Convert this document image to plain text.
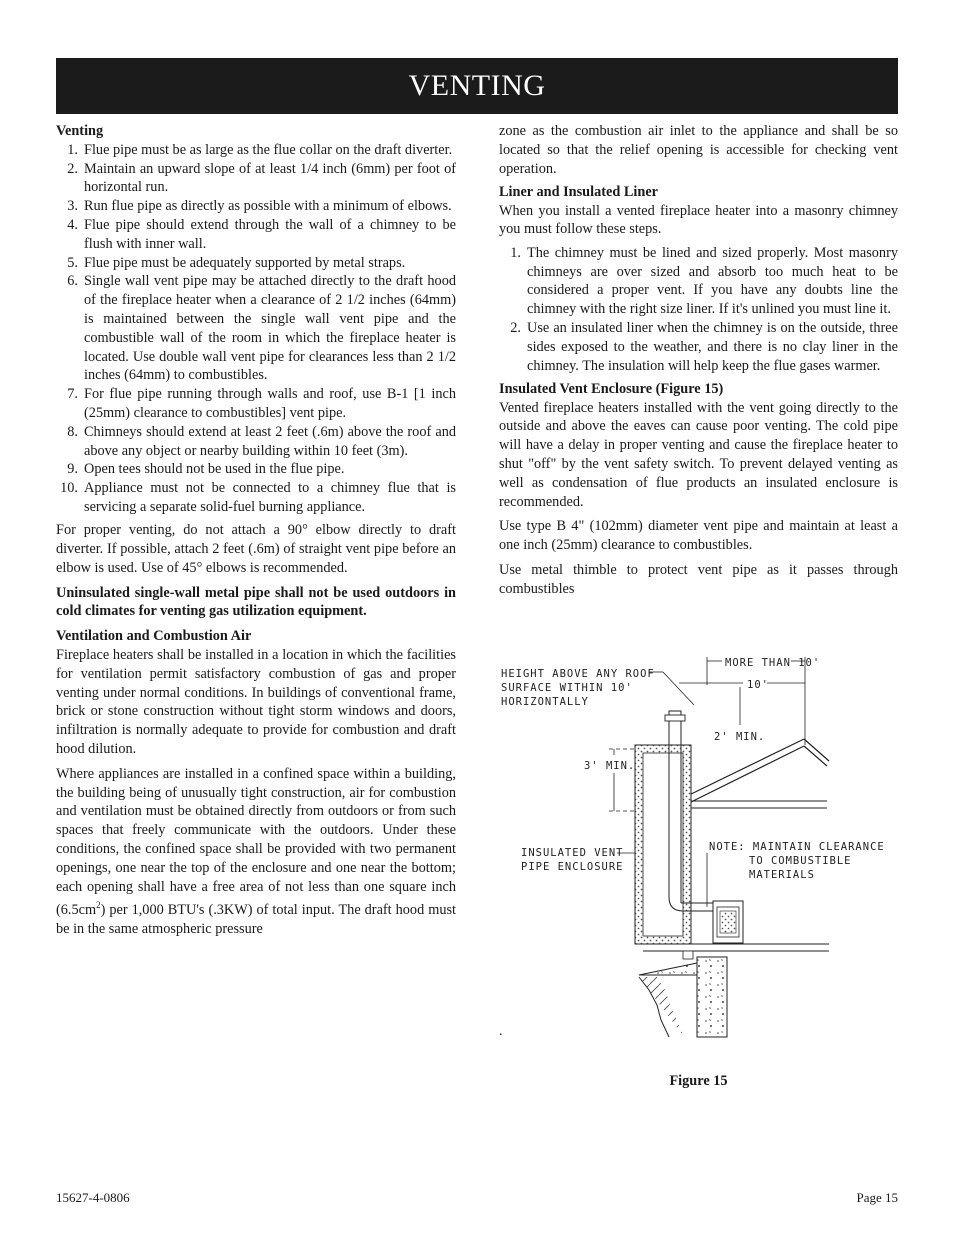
VENTING
Venting
1. Flue pipe must be as large as the flue collar on the draft diverter.
2. Maintain an upward slope of at least 1/4 inch (6mm) per foot of horizontal run.
3. Run flue pipe as directly as possible with a minimum of elbows.
4. Flue pipe should extend through the wall of a chimney to be flush with inner wall.
5. Flue pipe must be adequately supported by metal straps.
6. Single wall vent pipe may be attached directly to the draft hood of the fireplace heater when a clearance of 2 1/2 inches (64mm) is maintained between the single wall vent pipe and the combustible wall of the room in which the fireplace heater is located. Use double wall vent pipe for clearances less than 2 1/2 inches (64mm) to combustibles.
7. For flue pipe running through walls and roof, use B-1 [1 inch (25mm) clearance to combustibles] vent pipe.
8. Chimneys should extend at least 2 feet (.6m) above the roof and above any object or nearby building within 10 feet (3m).
9. Open tees should not be used in the flue pipe.
10. Appliance must not be connected to a chimney flue that is servicing a separate solid-fuel burning appliance.

For proper venting, do not attach a 90° elbow directly to draft diverter. If possible, attach 2 feet (.6m) of straight vent pipe before an elbow is used. Use of 45° elbows is recommended.

Uninsulated single-wall metal pipe shall not be used outdoors in cold climates for venting gas utilization equipment.

Ventilation and Combustion Air

Fireplace heaters shall be installed in a location in which the facilities for ventilation permit satisfactory combustion of gas and proper venting under normal conditions. In buildings of conventional frame, brick or stone construction without tight storm windows and doors, infiltration is normally adequate to provide for combustion and draft hood dilution.

Where appliances are installed in a confined space within a building, the building being of unusually tight construction, air for combustion and ventilation must be obtained directly from outdoors or from such spaces that freely communicate with the outdoors. Under these conditions, the confined space shall be provided with two permanent openings, one near the top of the enclosure and one near the bottom; each opening shall have a free area of not less than one square inch $(6.5cm^2)$ per 1,000 BTU's (.3KW) of total input. The draft hood must be in the same atmospheric pressure

zone as the combustion air inlet to the appliance and shall be so located so that the relief opening is accessible for checking vent operation.

Liner and Insulated Liner

When you install a vented fireplace heater into a masonry chimney you must follow these steps.

1. The chimney must be lined and sized properly. Most masonry chimneys are over sized and absorb too much heat to be considered a proper vent. If you have any doubts line the chimney with the right size liner. If it's unlined you must line it.
2. Use an insulated liner when the chimney is on the outside, three sides exposed to the weather, and there is no clay liner in the chimney. The insulation will help keep the flue gases warmer.
Insulated Vent Enclosure (Figure 15)

Vented fireplace heaters installed with the vent going directly to the outside and above the eaves can cause poor venting. The cold pipe will have a delay in proper venting and cause the fireplace heater to shut "off" by the vent safety switch. To prevent delayed venting as well as condensation of flue products an insulated enclosure is recommended.

Use type B 4" (102mm) diameter vent pipe and maintain at least a one inch (25mm) clearance to combustibles.

Use metal thimble to protect vent pipe as it passes through combustibles

HEIGHT ABOVE ANY ROOF
SURFACE WITHIN 10'
HORIZONTALLY
MORE THAN 10'
10'
2' MIN.
3' MIN.
INSULATED VENT
PIPE ENCLOSURE
NOTE: MAINTAIN CLEARANCE
TO COMBUSTIBLE
MATERIALS
.
Figure 15
15627-4-0806	Page 15
